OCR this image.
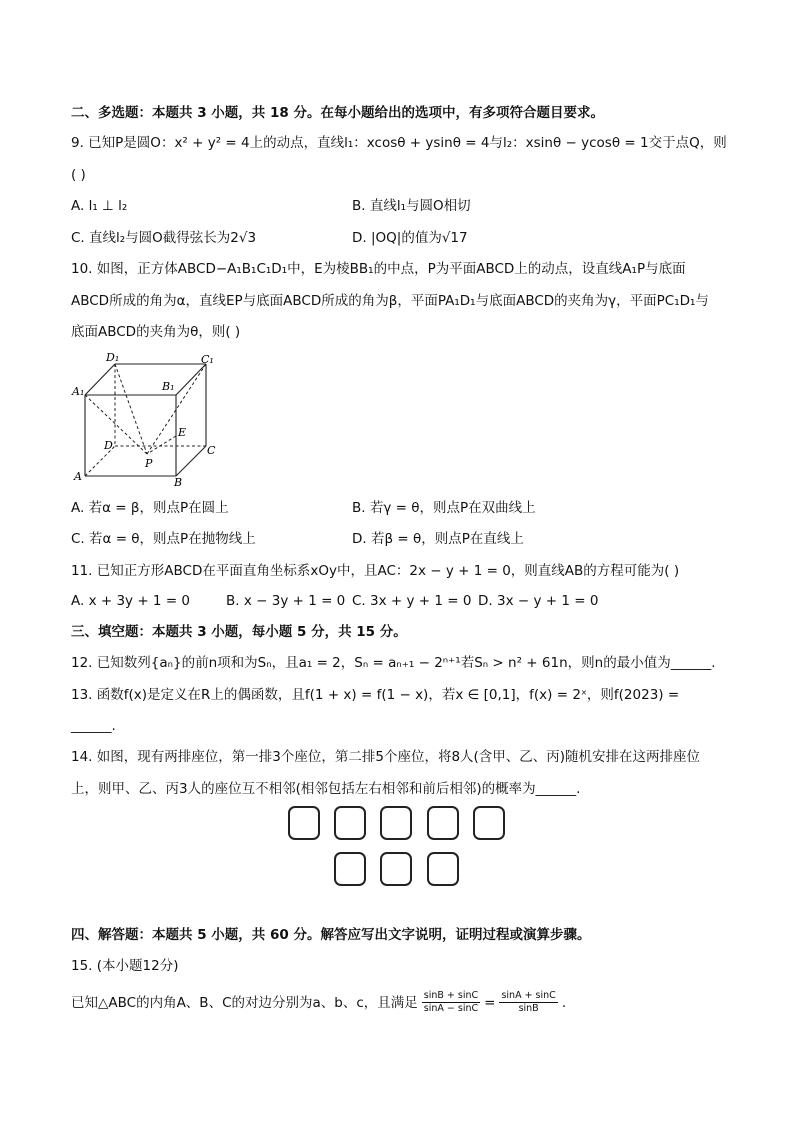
二、多选题：本题共 3 小题，共 18 分。在每小题给出的选项中，有多项符合题目要求。
9. 已知P是圆O：x² + y² = 4上的动点，直线l₁：xcosθ + ysinθ = 4与l₂：xsinθ − ycosθ = 1交于点Q，则
( )
A. l₁ ⊥ l₂	B. 直线l₁与圆O相切
C. 直线l₂与圆O截得弦长为2√3	D. |OQ|的值为√17
10. 如图，正方体ABCD−A₁B₁C₁D₁中，E为棱BB₁的中点，P为平面ABCD上的动点，设直线A₁P与底面
ABCD所成的角为α，直线EP与底面ABCD所成的角为β，平面PA₁D₁与底面ABCD的夹角为γ，平面PC₁D₁与
底面ABCD的夹角为θ，则( )
D₁	C₁
A₁	B₁
D
E
C
A
P
B
A. 若α = β，则点P在圆上	B. 若γ = θ，则点P在双曲线上
C. 若α = θ，则点P在抛物线上	D. 若β = θ，则点P在直线上
11. 已知正方形ABCD在平面直角坐标系xOy中，且AC：2x − y + 1 = 0，则直线AB的方程可能为( )
A. x + 3y + 1 = 0	B. x − 3y + 1 = 0 C. 3x + y + 1 = 0 D. 3x − y + 1 = 0
三、填空题：本题共 3 小题，每小题 5 分，共 15 分。
12. 已知数列{aₙ}的前n项和为Sₙ，且a₁ = 2，Sₙ = aₙ₊₁ − 2ⁿ⁺¹若Sₙ > n² + 61n，则n的最小值为______.
13. 函数f(x)是定义在R上的偶函数，且f(1 + x) = f(1 − x)，若x ∈ [0,1]，f(x) = 2ˣ，则f(2023) =
______.
14. 如图，现有两排座位，第一排3个座位，第二排5个座位，将8人(含甲、乙、丙)随机安排在这两排座位
上，则甲、乙、丙3人的座位互不相邻(相邻包括左右相邻和前后相邻)的概率为______.
四、解答题：本题共 5 小题，共 60 分。解答应写出文字说明，证明过程或演算步骤。
15. (本小题12分)
已知△ABC的内角A、B、C的对边分别为a、b、c，且满足 $\frac{\sin B + \sin C}{\sin A - \sin C} = \frac{\sin A + \sin C}{\sin B}$ .
